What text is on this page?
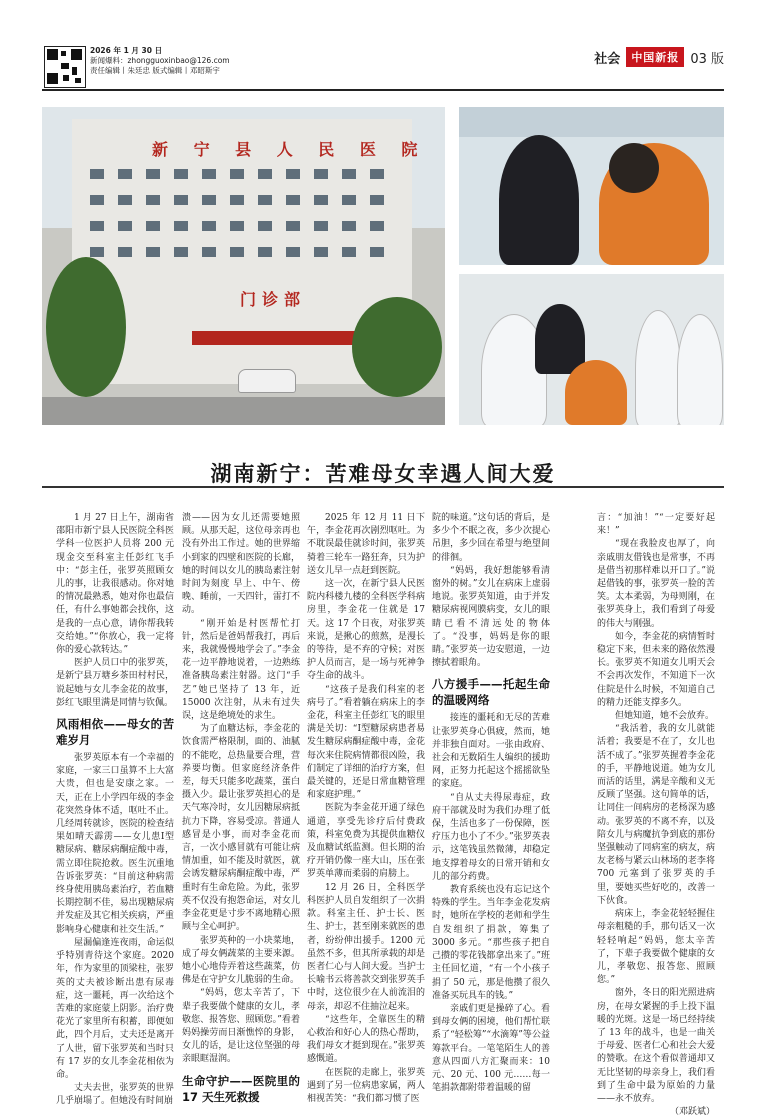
2026 年 1 月 30 日
新闻爆料：zhongguoxinbao@126.com
责任编辑丨朱廷忠 版式编辑丨邓昭斯宇
社会	中国新报 03 版
新 宁 县 人 民 医 院
门诊部
湖南新宁：苦难母女幸遇人间大爱

1 月 27 日上午，湖南省邵阳市新宁县人民医院全科医学科一位医护人员将 200 元现金交至科室主任彭红飞手中：“彭主任，张罗英照顾女儿的事，让我很感动。你对她的情况最熟悉，她对你也最信任，有什么事她都会找你，这是我的一点心意，请你帮我转交给她。”“你放心，我一定将你的爱心款转达。”

医护人员口中的张罗英，是新宁县万塘乡茶田村村民，说起她与女儿李金花的故事，彭红飞眼里满是同情与钦佩。

风雨相依——母女的苦难岁月

张罗英原本有一个幸福的家庭，一家三口虽算不上大富大贵，但也是安康之家。一天，正在上小学四年级的李金花突然身体不适，呕吐不止。几经周转就诊，医院的检查结果如晴天霹雳——女儿患Ⅰ型糖尿病、糖尿病酮症酸中毒，需立即住院抢救。医生沉重地告诉张罗英：“目前这种病需终身使用胰岛素治疗，若血糖长期控制不佳，易出现糖尿病并发症及其它相关疾病，严重影响身心健康和社交生活。”

屋漏偏逢连夜雨，命运似乎特别青待这个家庭。2020年，作为家里的顶梁柱，张罗英的丈夫被诊断出患有尿毒症，这一噩耗，再一次给这个苦难的家庭蒙上阴影。治疗费花光了家里所有积蓄，即便如此，四个月后，丈夫还是离开了人世，留下张罗英和当时只有 17 岁的女儿李金花相依为命。

丈夫去世，张罗英的世界几乎崩塌了。但她没有时间崩

溃——因为女儿还需要她照顾。从那天起，这位母亲再也没有外出工作过。她的世界缩小到家的四壁和医院的长廊，她的时间以女儿的胰岛素注射时间为刻度 早上、中午、傍晚、睡前，一天四针，雷打不动。

“刚开始是村医帮忙打针，然后是爸妈帮我打，再后来，我就慢慢地学会了。”李金花一边平静地说着，一边熟练准备胰岛素注射器。这门“手艺”她已坚持了 13 年，近 15000 次注射，从未有过失误，这是绝境处的求生。

为了血糖达标，李金花的饮食需严格限制，面的、油腻的不能吃，总热量要合理，营养要均衡。但家庭经济条件差，每天只能多吃蔬菜，蛋白摄入少。最让张罗英担心的是天气寒冷时，女儿因糖尿病抵抗力下降，容易受凉。普通人感冒是小事，而对李金花而言，一次小感冒就有可能让病情加重，如不能及时就医，就会诱发糖尿病酮症酸中毒，严重时有生命危险。为此，张罗英不仅没有抱怨命运，对女儿李金花更是寸步不离地精心照顾与全心呵护。

张罗英种的一小块菜地，成了母女俩蔬菜的主要来源。她小心地侍弄着这些蔬菜，仿佛是在守护女儿脆弱的生命。

“妈妈，您太辛苦了，下辈子我要做个健康的女儿，孝敬您、报答您、照顾您。”看着妈妈操劳而日渐憔悴的身影，女儿的话，是让这位坚强的母亲眼眶湿润。

生命守护——医院里的 17 天生死救援

2025 年 12 月 11 日下午，李金花再次剧烈呕吐。为不耽误最佳就诊时间，张罗英骑着三轮车一路狂奔，只为护送女儿早一点赶到医院。

这一次，在新宁县人民医院内科楼九楼的全科医学科病房里，李金花一住就是 17 天。这 17 个日夜，对张罗英来说，是揪心的煎熬，是漫长的等待，是不弃的守候；对医护人员而言，是一场与死神争夺生命的战斗。

“这孩子是我们科室的老病号了。”看着躺在病床上的李金花，科室主任彭红飞的眼里满是关切：“Ⅰ型糖尿病患者易发生糖尿病酮症酸中毒，金花每次来住院病情都很凶险，我们制定了详细的治疗方案，但最关键的，还是日常血糖管理和家庭护理。”

医院为李金花开通了绿色通道，享受先诊疗后付费政策，科室免费为其提供血糖仪及血糖试纸监测。但长期的治疗开销仍像一座大山，压在张罗英单薄而柔弱的肩膀上。

12 月 26 日，全科医学科医护人员自发组织了一次捐款。科室主任、护士长、医生、护士，甚至刚来就医的患者，纷纷伸出援手。1200 元虽然不多，但其所承载的却是医者仁心与人间大爱。当护士长喻书云将善款交到张罗英手中时，这位很少在人前流泪的母亲，却忍不住抽泣起来。

“这些年，全靠医生的精心救治和好心人的热心帮助，我们母女才挺到现在。”张罗英感慨道。

在医院的走廊上，张罗英遇到了另一位病患家属，两人相视苦笑：“我们都习惯了医

院的味道。”这句话的背后，是多少个不眠之夜，多少次提心吊胆，多少回在希望与绝望间的徘徊。

“妈妈，我好想能够看清窗外的树。”女儿在病床上虚弱地说。张罗英知道，由于并发糖尿病视网膜病变，女儿的眼睛已看不清远处的物体了。“没事，妈妈是你的眼睛。”张罗英一边安慰道，一边擦拭着眼角。

八方援手——托起生命的温暖网络

接连的噩耗和无尽的苦难让张罗英身心俱疲，然而，她并非独自面对。一张由政府、社会和无数陌生人编织的援助网，正努力托起这个摇摇欲坠的家庭。

“自从丈夫得尿毒症，政府干部就及时为我们办理了低保，生活也多了一份保障，医疗压力也小了不少。”张罗英表示，这笔钱虽然微薄，却稳定地支撑着母女的日常开销和女儿的部分药费。

教育系统也没有忘记这个特殊的学生。当年李金花发病时，她所在学校的老师和学生自发组织了捐款，筹集了 3000 多元。“那些孩子把自己攒的零花钱都拿出来了。”班主任回忆道，“有一个小孩子捐了 50 元，那是他攒了很久准备买玩具车的钱。”

亲戚们更是操碎了心。看到母女俩的困境，他们帮忙联系了“轻松筹”“水滴筹”等公益筹款平台。一笔笔陌生人的善意从四面八方汇聚而来：10 元、20 元、100 元……每一笔捐款都附带着温暖的留

言：“加油！”“一定要好起来！”

“现在我脸皮也厚了，向亲戚朋友借钱也是常事，不再是借当初那样难以开口了。”说起借钱的事，张罗英一脸的苦笑。太本柔弱，为母则刚，在张罗英身上，我们看到了母爱的伟大与刚强。

如今，李金花的病情暂时稳定下来，但未来的路依然漫长。张罗英不知道女儿明天会不会再次发作，不知道下一次住院是什么时候，不知道自己的精力还能支撑多久。

但她知道，她不会放弃。

“我活着，我的女儿就能活着；我要是不在了，女儿也活不成了。”张罗英握着李金花的手，平静地说道。她为女儿而活的话里，满是辛酸和义无反顾了坚强。这句简单的话，让同住一间病房的老杨深为感动。张罗英的不离不弃，以及陪女儿与病魔抗争到底的那份坚强触动了同病室的病友，病友老杨与紧云山林场的老李将 700 元塞到了张罗英的手里，要她买些好吃的，改善一下伙食。

病床上，李金花轻轻握住母亲粗糙的手，那句话又一次轻轻响起“妈妈，您太辛苦了，下辈子我要做个健康的女儿，孝敬您、报答您、照顾您。”

窗外，冬日的阳光照进病房，在母女紧握的手上投下温暖的光斑。这是一场已经持续了 13 年的战斗，也是一曲关于母爱、医者仁心和社会大爱的赞歌。在这个看似普通却又无比坚韧的母亲身上，我们看到了生命中最为原始的力量——永不放弃。

（邓跃斌）
